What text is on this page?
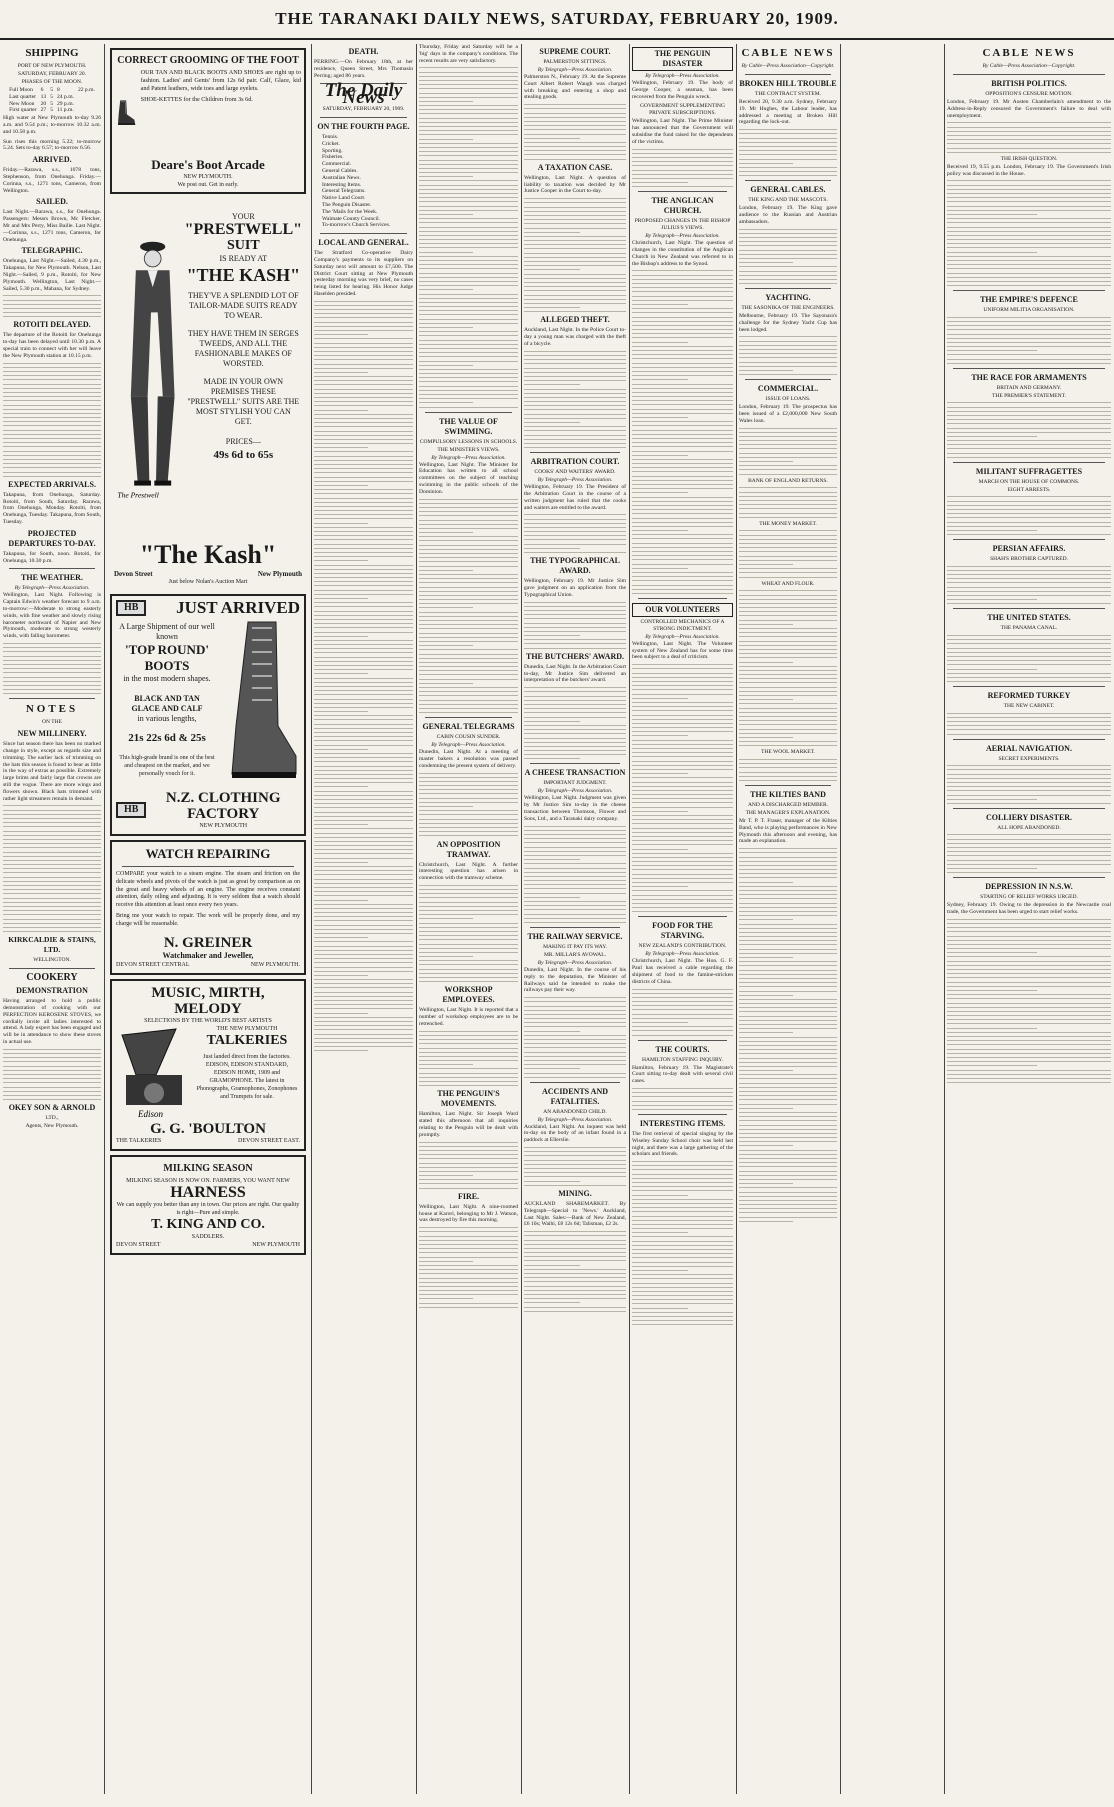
THE TARANAKI DAILY NEWS, SATURDAY, FEBRUARY 20, 1909.
SHIPPING
PORT OF NEW PLYMOUTH.
SATURDAY, FEBRUARY 20.
PHASES OF THE MOON.
Full Moon	6	5	8	22 p.m.
Last quarter	13	5	24 p.m.	
New Moon	20	5	29 p.m.	
First quarter	27	5	11 p.m.	
High water at New Plymouth to-day 9.26 a.m. and 9.54 p.m.; to-morrow 10.32 a.m. and 10.58 p.m.
Sun rises this morning 5.22; to-morrow 5.24. Sets to-day 6.57; to-morrow 6.56.
ARRIVED.
Friday.—Rarawa, s.s., 1078 tons, Stephenson, from Onehunga. Friday.—Corinna, s.s., 1271 tons, Cameron, from Wellington.
SAILED.
Last Night.—Rarawa, s.s., for Onehunga. Passengers: Messrs Brown, Mc Fletcher, Mr and Mrs Perry, Miss Baille. Last Night.—Corinna, s.s., 1271 tons, Cameron, for Onehunga.
TELEGRAPHIC.
Onehunga, Last Night.—Sailed, 4.30 p.m., Takapuna, for New Plymouth. Nelson, Last Night.—Sailed, 9 p.m., Rotoiti, for New Plymouth. Wellington, Last Night.—Sailed, 5.30 p.m., Mahana, for Sydney.
ROTOITI DELAYED.
The departure of the Rotoiti for Onehunga to-day has been delayed until 10.30 p.m. A special train to connect with her will leave the New Plymouth station at 10.15 p.m.
EXPECTED ARRIVALS.
Takapuna, from Onehunga, Saturday. Rotoiti, from South, Saturday. Rarawa, from Onehunga, Monday. Rotoiti, from Onehunga, Tuesday. Takapuna, from South, Tuesday.
PROJECTED DEPARTURES TO-DAY.
Takapuna, for South, noon. Rotoiti, for Onehunga, 10.30 p.m.
THE WEATHER.
By Telegraph—Press Association.
Wellington, Last Night. Following is Captain Edwin's weather forecast to 9 a.m. to-morrow:—Moderate to strong easterly winds, with fine weather and slowly rising barometer northward of Napier and New Plymouth, moderate to strong westerly winds, with falling barometer.
NOTES
ON THE
NEW MILLINERY.
Since hat season there has been no marked change in style, except as regards size and trimming. The earlier lack of trimming on the hats this season is found to bear as little in the way of extras as possible. Extremely large brims and fairly large flat crowns are still the vogue. There are more wings and flowers shown. Black hats trimmed with rather light streamers remain in demand.
KIRKCALDIE & STAINS, LTD.
WELLINGTON.
COOKERY
DEMONSTRATION
Having arranged to hold a public demonstration of cooking with our PERFECTION KEROSENE STOVES, we cordially invite all ladies interested to attend. A lady expert has been engaged and will be in attendance to show these stoves in actual use.
OKEY SON & ARNOLD
LTD.,
Agents, New Plymouth.
CORRECT GROOMING OF THE FOOT
OUR TAN AND BLACK BOOTS AND SHOES are right up to fashion. Ladies' and Gents' from 12s 6d pair. Calf, Glace, kid and Patent leathers, wide toes and large eyelets.
SHOE-KETTES for the Children from 3s 6d.
Deare's Boot Arcade
NEW PLYMOUTH.
We post out. Get in early.
The Prestwell
YOUR
"PRESTWELL"
SUIT
IS READY AT
"THE KASH"
THEY'VE A SPLENDID LOT OF TAILOR-MADE SUITS READY TO WEAR.
THEY HAVE THEM IN SERGES TWEEDS, AND ALL THE FASHIONABLE MAKES OF WORSTED.
MADE IN YOUR OWN PREMISES THESE "PRESTWELL" SUITS ARE THE MOST STYLISH YOU CAN GET.
PRICES—
49s 6d to 65s
"The Kash"
Devon Street	New Plymouth
Just below Nolan's Auction Mart
HB	JUST ARRIVED
A Large Shipment of our well known
'TOP ROUND' BOOTS
in the most modern shapes.
BLACK AND TAN
GLACE AND CALF
in various lengths,
21s 22s 6d & 25s
This high-grade brand is one of the best and cheapest on the market, and we personally vouch for it.
HB
N.Z. CLOTHING FACTORY
NEW PLYMOUTH
WATCH REPAIRING
COMPARE your watch to a steam engine. The steam and friction on the delicate wheels and pivots of the watch is just as great by comparison as on the great and heavy wheels of an engine. The engine receives constant attention, daily oiling and adjusting. It is very seldom that a watch should receive this attention at least once every two years.
Bring me your watch to repair. The work will be properly done, and my charge will be reasonable.
N. GREINER
Watchmaker and Jeweller,
DEVON STREET CENTRAL	NEW PLYMOUTH.
MUSIC, MIRTH, MELODY
SELECTIONS BY THE WORLD'S BEST ARTISTS
Edison
THE NEW PLYMOUTH
TALKERIES
Just landed direct from the factories. EDISON, EDISON STANDARD, EDISON HOME, 1909 and GRAMOPHONE. The latest in Phonographs, Gramophones, Zonophones and Trumpets for sale.
G. G. 'BOULTON
THE TALKERIES	DEVON STREET EAST.
MILKING SEASON
MILKING SEASON IS NOW ON. FARMERS, YOU WANT NEW
HARNESS
We can supply you better than any in town. Our prices are right. Our quality is right—Pure and simple.
T. KING AND CO.
SADDLERS.
DEVON STREET	NEW PLYMOUTH
DEATH.
PERRING.—On February 18th, at her residence, Queen Street, Mrs Thomasin Perring; aged 86 years.
The Daily News
SATURDAY, FEBRUARY 20, 1909.
ON THE FOURTH PAGE.
Tennis.
Cricket.
Sporting.
Fisheries.
Commercial.
General Cables.
Australian News.
Interesting Items.
General Telegrams.
Native Land Court.
The Penguin Disaster.
The 'Mails for the Week.
Waimate County Council.
To-morrow's Church Services.
LOCAL AND GENERAL.
The Stratford Co-operative Dairy Company's payments to its suppliers on Saturday next will amount to £7,500. The District Court sitting at New Plymouth yesterday morning was very brief, no cases being listed for hearing. His Honor Judge Haselden presided.
Thursday, Friday and Saturday will be a 'big' days in the company's conditions. The recent results are very satisfactory.
THE VALUE OF SWIMMING.
COMPULSORY LESSONS IN SCHOOLS.
THE MINISTER'S VIEWS.
By Telegraph—Press Association.
Wellington, Last Night. The Minister for Education has written to all school committees on the subject of teaching swimming in the public schools of the Dominion.
GENERAL TELEGRAMS
CABIN COUSIN SUNDER.
By Telegraph—Press Association.
Dunedin, Last Night. At a meeting of master bakers a resolution was passed condemning the present system of delivery.
AN OPPOSITION TRAMWAY.
Christchurch, Last Night. A further interesting question has arisen in connection with the tramway scheme.
WORKSHOP EMPLOYEES.
Wellington, Last Night. It is reported that a number of workshop employees are to be retrenched.
THE PENGUIN'S MOVEMENTS.
Hamilton, Last Night. Sir Joseph Ward stated this afternoon that all inquiries relating to the Penguin will be dealt with promptly.
FIRE.
Wellington, Last Night. A nine-roomed house at Karori, belonging to Mr J. Watson, was destroyed by fire this morning.
SUPREME COURT.
PALMERSTON SITTINGS.
By Telegraph—Press Association.
Palmerston N., February 19. At the Supreme Court Albert Robert Waugh was charged with breaking and entering a shop and stealing goods.
A TAXATION CASE.
Wellington, Last Night. A question of liability to taxation was decided by Mr Justice Cooper in the Court to-day.
ALLEGED THEFT.
Auckland, Last Night. In the Police Court to-day a young man was charged with the theft of a bicycle.
ARBITRATION COURT.
COOKS' AND WAITERS' AWARD.
By Telegraph—Press Association.
Wellington, February 19. The President of the Arbitration Court in the course of a written judgment has ruled that the cooks and waiters are entitled to the award.
THE TYPOGRAPHICAL AWARD.
Wellington, February 19. Mr Justice Sim gave judgment on an application from the Typographical Union.
THE BUTCHERS' AWARD.
Dunedin, Last Night. In the Arbitration Court to-day, Mr Justice Sim delivered an interpretation of the butchers' award.
A CHEESE TRANSACTION
IMPORTANT JUDGMENT.
By Telegraph—Press Association.
Wellington, Last Night. Judgment was given by Mr Justice Sim to-day in the cheese transaction between Thomson, Flower and Sons, Ltd., and a Taranaki dairy company.
THE RAILWAY SERVICE.
MAKING IT PAY ITS WAY.
MR. MILLAR'S AVOWAL.
By Telegraph—Press Association.
Dunedin, Last Night. In the course of his reply to the deputation, the Minister of Railways said he intended to make the railways pay their way.
ACCIDENTS AND FATALITIES.
AN ABANDONED CHILD.
By Telegraph—Press Association.
Auckland, Last Night. An inquest was held to-day on the body of an infant found in a paddock at Ellerslie.
MINING.
AUCKLAND SHAREMARKET. By Telegraph—Special to 'News.' Auckland, Last Night. Sales:—Bank of New Zealand, £6 10s; Waihi, £8 12s 6d; Talisman, £2 2s.
THE PENGUIN DISASTER
By Telegraph—Press Association.
Wellington, February 19. The body of George Cooper, a seaman, has been recovered from the Penguin wreck.
GOVERNMENT SUPPLEMENTING PRIVATE SUBSCRIPTIONS.
Wellington, Last Night. The Prime Minister has announced that the Government will subsidise the fund raised for the dependents of the victims.
THE ANGLICAN CHURCH.
PROPOSED CHANGES IN THE BISHOP JULIUS'S VIEWS.
By Telegraph—Press Association.
Christchurch, Last Night. The question of changes in the constitution of the Anglican Church in New Zealand was referred to in the Bishop's address to the Synod.
OUR VOLUNTEERS
CONTROLLED MECHANICS OF A STRONG INDICTMENT.
By Telegraph—Press Association.
Wellington, Last Night. The Volunteer system of New Zealand has for some time been subject to a deal of criticism.
FOOD FOR THE STARVING.
NEW ZEALAND'S CONTRIBUTION.
By Telegraph—Press Association.
Christchurch, Last Night. The Hon. G. F. Paul has received a cable regarding the shipment of food to the famine-stricken districts of China.
THE COURTS.
HAMILTON STAFFING INQUIRY.
Hamilton, February 19. The Magistrate's Court sitting to-day dealt with several civil cases.
INTERESTING ITEMS.
The first retrieval of special singing by the Wiseley Sunday School choir was held last night, and there was a large gathering of the scholars and friends.
CABLE NEWS
By Cable—Press Association—Copyright.
BROKEN HILL TROUBLE
THE CONTRACT SYSTEM.
Received 20, 9.30 a.m. Sydney, February 19. Mr Hughes, the Labour leader, has addressed a meeting at Broken Hill regarding the lock-out.
GENERAL CABLES.
THE KING AND THE MASCOTS.
London, February 19. The King gave audience to the Russian and Austrian ambassadors.
YACHTING.
THE SASONIKA OF THE ENGINEERS.
Melbourne, February 19. The Sayonara's challenge for the Sydney Yacht Cup has been lodged.
COMMERCIAL.
ISSUE OF LOANS.
London, February 19. The prospectus has been issued of a £2,000,000 New South Wales loan.
BANK OF ENGLAND RETURNS.
THE MONEY MARKET.
WHEAT AND FLOUR.
THE WOOL MARKET.
THE KILTIES BAND
AND A DISCHARGED MEMBER.
THE MANAGER'S EXPLANATION.
Mr T. P. T. Fraser, manager of the Kilties Band, who is playing performances in New Plymouth this afternoon and evening, has made an explanation.
CABLE NEWS
By Cable—Press Association—Copyright.
BRITISH POLITICS.
OPPOSITION'S CENSURE MOTION.
London, February 19. Mr Austen Chamberlain's amendment to the Address-in-Reply censured the Government's failure to deal with unemployment.
THE IRISH QUESTION.
Received 19, 9.55 p.m. London, February 19. The Government's Irish policy was discussed in the House.
THE EMPIRE'S DEFENCE
UNIFORM MILITIA ORGANISATION.
THE RACE FOR ARMAMENTS
BRITAIN AND GERMANY.
THE PREMIER'S STATEMENT.
MILITANT SUFFRAGETTES
MARCH ON THE HOUSE OF COMMONS.
EIGHT ARRESTS.
PERSIAN AFFAIRS.
SHAH'S BROTHER CAPTURED.
THE UNITED STATES.
THE PANAMA CANAL.
REFORMED TURKEY
THE NEW CABINET.
AERIAL NAVIGATION.
SECRET EXPERIMENTS.
COLLIERY DISASTER.
ALL HOPE ABANDONED.
DEPRESSION IN N.S.W.
STARTING OF RELIEF WORKS URGED.
Sydney, February 19. Owing to the depression in the Newcastle coal trade, the Government has been urged to start relief works.
